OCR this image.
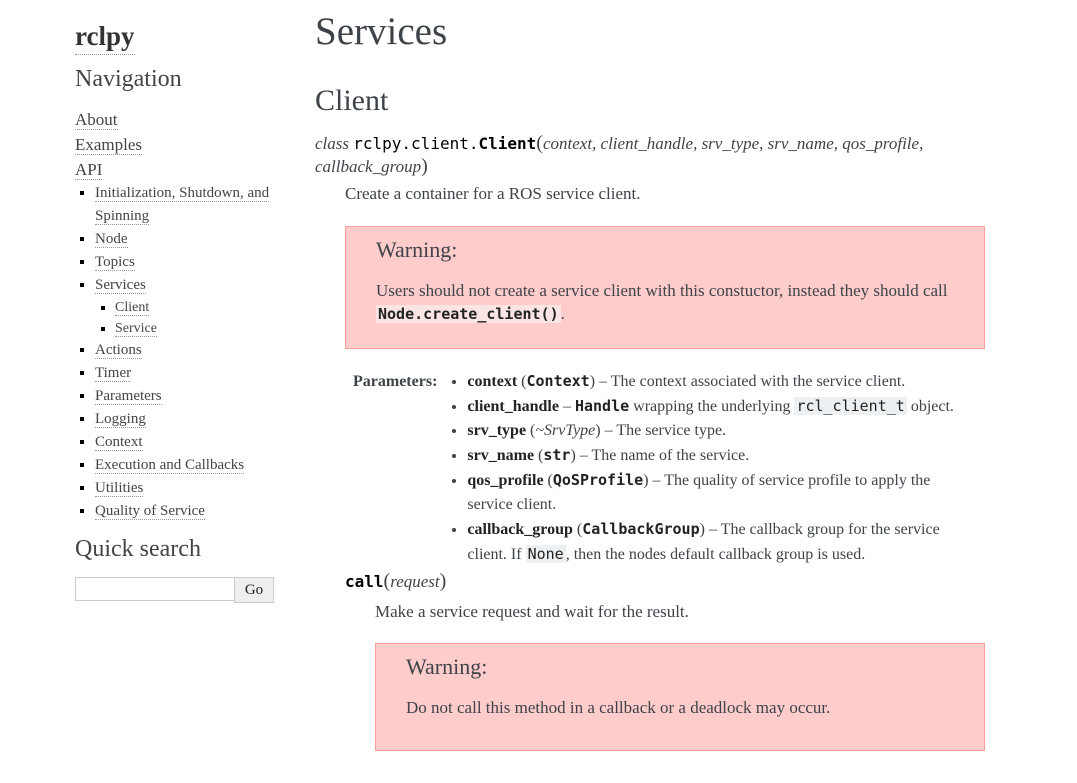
rclpy
Navigation
About
Examples
API
▪ Initialization, Shutdown, and Spinning
▪ Node
▪ Topics
▪ Services
▪ Client
▪ Service
▪ Actions
▪ Timer
▪ Parameters
▪ Logging
▪ Context
▪ Execution and Callbacks
▪ Utilities
▪ Quality of Service
Quick search
Go
Services
Client
class rclpy.client.Client(context, client_handle, srv_type, srv_name, qos_profile,
callback_group)

Create a container for a ROS service client.

Warning:

Users should not create a service client with this constuctor, instead they should call Node.create_client() .

Parameters:	
•context (Context) – The context associated with the service client.
• client_handle – Handle wrapping the underlying rcl_client_t object.
• srv_type (~SrvType) – The service type.
• srv_name (str) – The name of the service.
• qos_profile (QoSProfile) – The quality of service profile to apply the service client.
• callback_group (CallbackGroup) – The callback group for the service client. If None , then the nodes default callback group is used.
call(request)

Make a service request and wait for the result.

Warning:

Do not call this method in a callback or a deadlock may occur.
